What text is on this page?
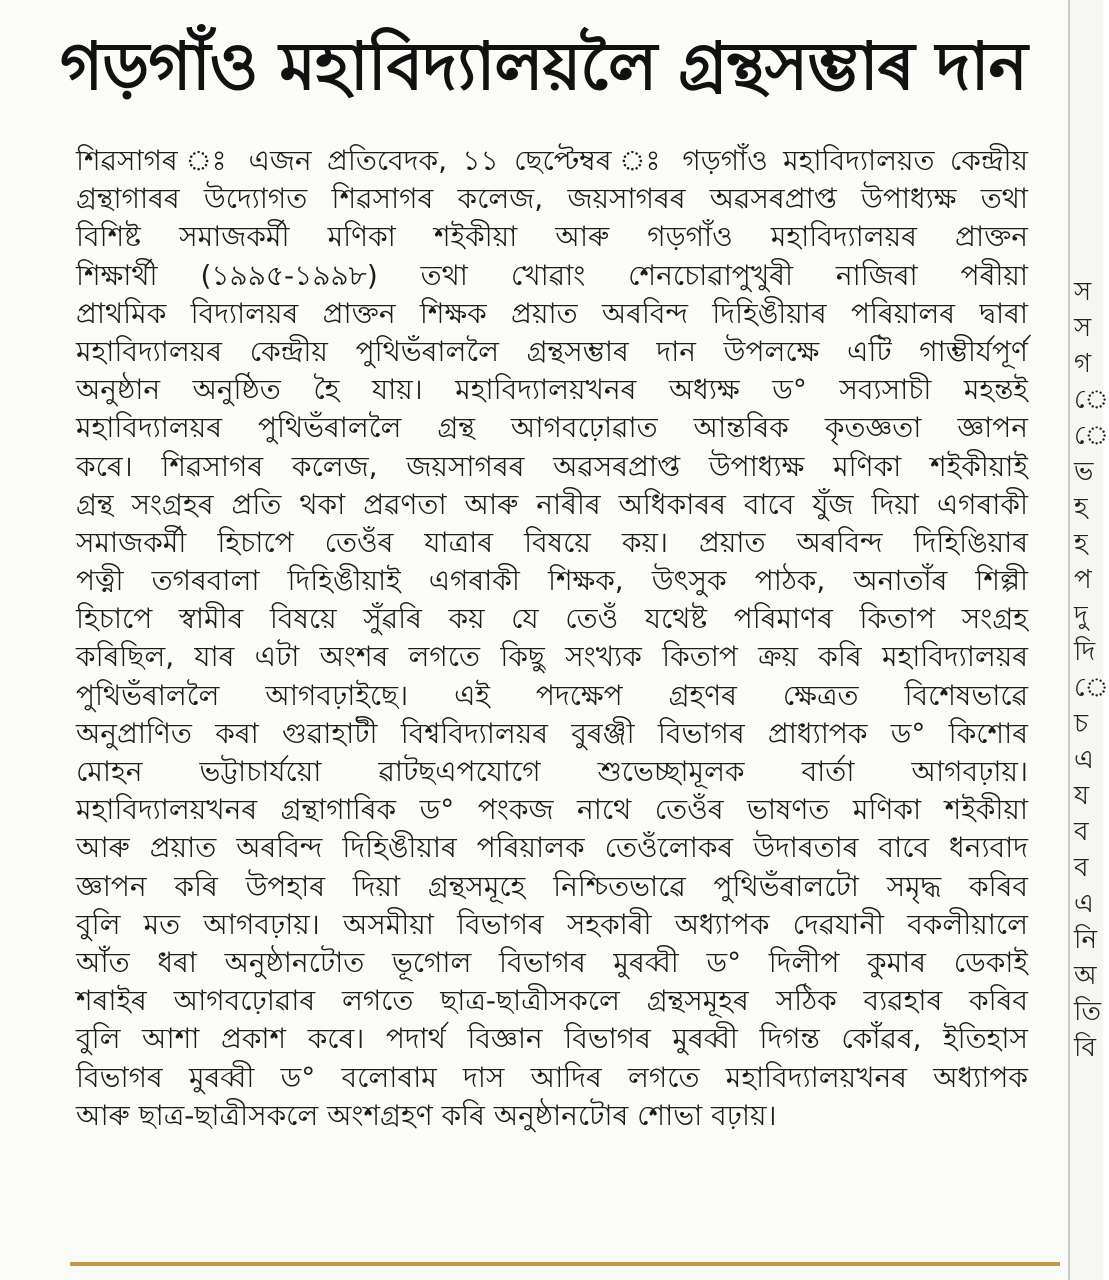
গড়গাঁও মহাবিদ্যালয়লৈ গ্ৰন্থসম্ভাৰ দান
শিৱসাগৰ ঃ এজন প্ৰতিবেদক, ১১ ছেপ্টেম্বৰ ঃ গড়গাঁও মহাবিদ্যালয়ত কেন্দ্ৰীয়
গ্ৰন্থাগাৰৰ উদ্যোগত শিৱসাগৰ কলেজ, জয়সাগৰৰ অৱসৰপ্ৰাপ্ত উপাধ্যক্ষ তথা
বিশিষ্ট সমাজকৰ্মী মণিকা শইকীয়া আৰু গড়গাঁও মহাবিদ্যালয়ৰ প্ৰাক্তন
শিক্ষাৰ্থী (১৯৯৫-১৯৯৮) তথা খোৱাং শেনচোৱাপুখুৰী নাজিৰা পৰীয়া
প্ৰাথমিক বিদ্যালয়ৰ প্ৰাক্তন শিক্ষক প্ৰয়াত অৰবিন্দ দিহিঙীয়াৰ পৰিয়ালৰ দ্বাৰা
মহাবিদ্যালয়ৰ কেন্দ্ৰীয় পুথিভঁৰাললৈ গ্ৰন্থসম্ভাৰ দান উপলক্ষে এটি গাম্ভীৰ্যপূৰ্ণ
অনুষ্ঠান অনুষ্ঠিত হৈ যায়। মহাবিদ্যালয়খনৰ অধ্যক্ষ ড° সব্যসাচী মহন্তই
মহাবিদ্যালয়ৰ পুথিভঁৰাললৈ গ্ৰন্থ আগবঢ়োৱাত আন্তৰিক কৃতজ্ঞতা জ্ঞাপন
কৰে। শিৱসাগৰ কলেজ, জয়সাগৰৰ অৱসৰপ্ৰাপ্ত উপাধ্যক্ষ মণিকা শইকীয়াই
গ্ৰন্থ সংগ্ৰহৰ প্ৰতি থকা প্ৰৱণতা আৰু নাৰীৰ অধিকাৰৰ বাবে যুঁজ দিয়া এগৰাকী
সমাজকৰ্মী হিচাপে তেওঁৰ যাত্ৰাৰ বিষয়ে কয়। প্ৰয়াত অৰবিন্দ দিহিঙিয়াৰ
পত্নী তগৰবালা দিহিঙীয়াই এগৰাকী শিক্ষক, উৎসুক পাঠক, অনাতাঁৰ শিল্পী
হিচাপে স্বামীৰ বিষয়ে সুঁৱৰি কয় যে তেওঁ যথেষ্ট পৰিমাণৰ কিতাপ সংগ্ৰহ
কৰিছিল, যাৰ এটা অংশৰ লগতে কিছু সংখ্যক কিতাপ ক্ৰয় কৰি মহাবিদ্যালয়ৰ
পুথিভঁৰাললৈ আগবঢ়াইছে। এই পদক্ষেপ গ্ৰহণৰ ক্ষেত্ৰত বিশেষভাৱে
অনুপ্ৰাণিত কৰা গুৱাহাটী বিশ্ববিদ্যালয়ৰ বুৰঞ্জী বিভাগৰ প্ৰাধ্যাপক ড° কিশোৰ
মোহন ভট্টাচাৰ্যয়ো ৱাটছএপযোগে শুভেচ্ছামূলক বাৰ্তা আগবঢ়ায়।
মহাবিদ্যালয়খনৰ গ্ৰন্থাগাৰিক ড° পংকজ নাথে তেওঁৰ ভাষণত মণিকা শইকীয়া
আৰু প্ৰয়াত অৰবিন্দ দিহিঙীয়াৰ পৰিয়ালক তেওঁলোকৰ উদাৰতাৰ বাবে ধন্যবাদ
জ্ঞাপন কৰি উপহাৰ দিয়া গ্ৰন্থসমূহে নিশ্চিতভাৱে পুথিভঁৰালটো সমৃদ্ধ কৰিব
বুলি মত আগবঢ়ায়। অসমীয়া বিভাগৰ সহকাৰী অধ্যাপক দেৱযানী বকলীয়ালে
আঁত ধৰা অনুষ্ঠানটোত ভূগোল বিভাগৰ মুৰব্বী ড° দিলীপ কুমাৰ ডেকাই
শৰাইৰ আগবঢ়োৱাৰ লগতে ছাত্ৰ-ছাত্ৰীসকলে গ্ৰন্থসমূহৰ সঠিক ব্যৱহাৰ কৰিব
বুলি আশা প্ৰকাশ কৰে। পদাৰ্থ বিজ্ঞান বিভাগৰ মুৰব্বী দিগন্ত কোঁৱৰ, ইতিহাস
বিভাগৰ মুৰব্বী ড° বলোৰাম দাস আদিৰ লগতে মহাবিদ্যালয়খনৰ অধ্যাপক
আৰু ছাত্ৰ-ছাত্ৰীসকলে অংশগ্ৰহণ কৰি অনুষ্ঠানটোৰ শোভা বঢ়ায়।
স
স
গ
ে
ে
ভ
হ
হ
প
দু
দি
ে
চ
এ
য
ব
ব
এ
নি
অ
তি
বি
